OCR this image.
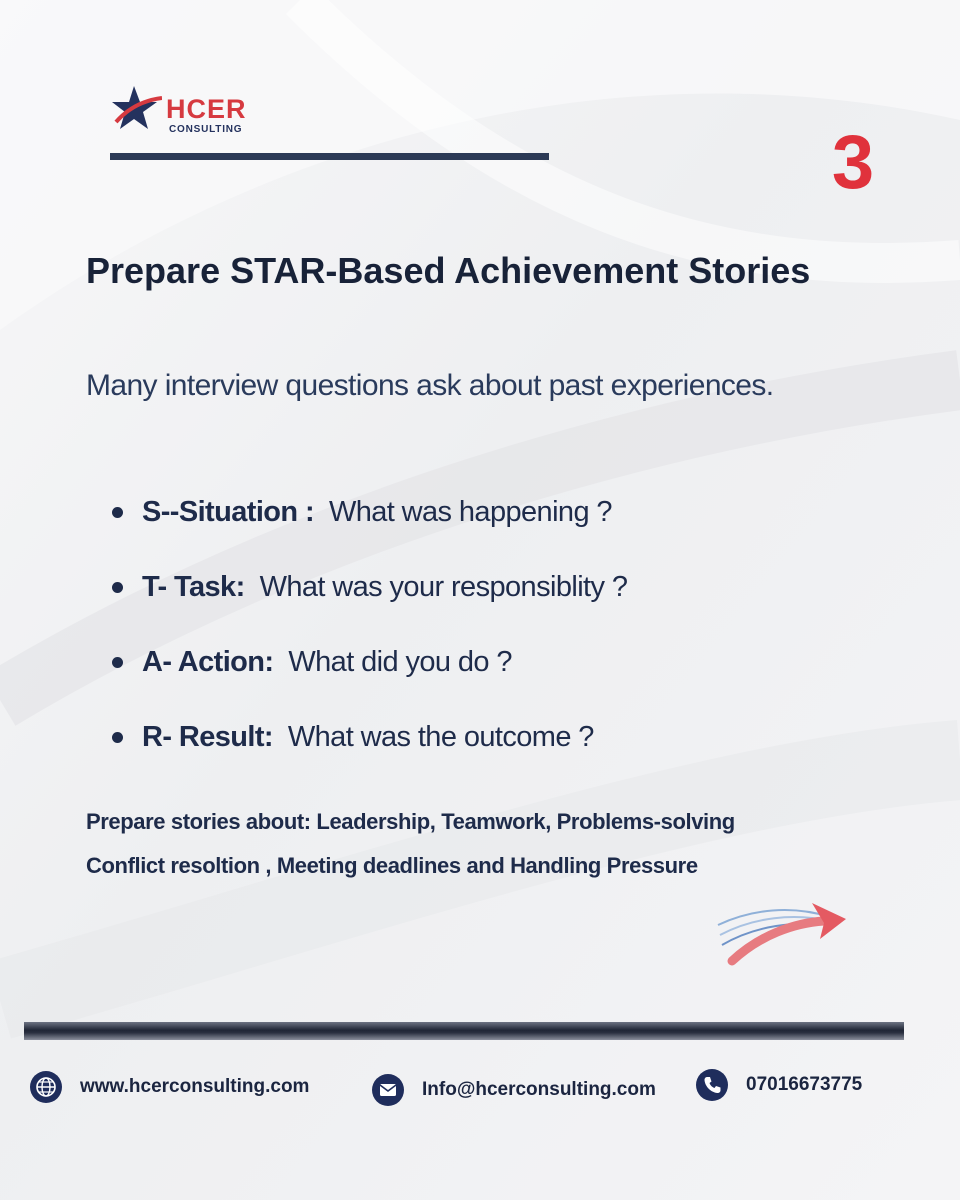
HCER
CONSULTING	3
Prepare STAR-Based Achievement Stories
Many interview questions ask about past experiences.
S--Situation : What was happening ?
T- Task: What was your responsiblity ?
A- Action: What did you do ?
R- Result: What was the outcome ?
Prepare stories about: Leadership, Teamwork, Problems-solving
Conflict resoltion , Meeting deadlines and Handling Pressure
www.hcerconsulting.com	Info@hcerconsulting.com	07016673775
